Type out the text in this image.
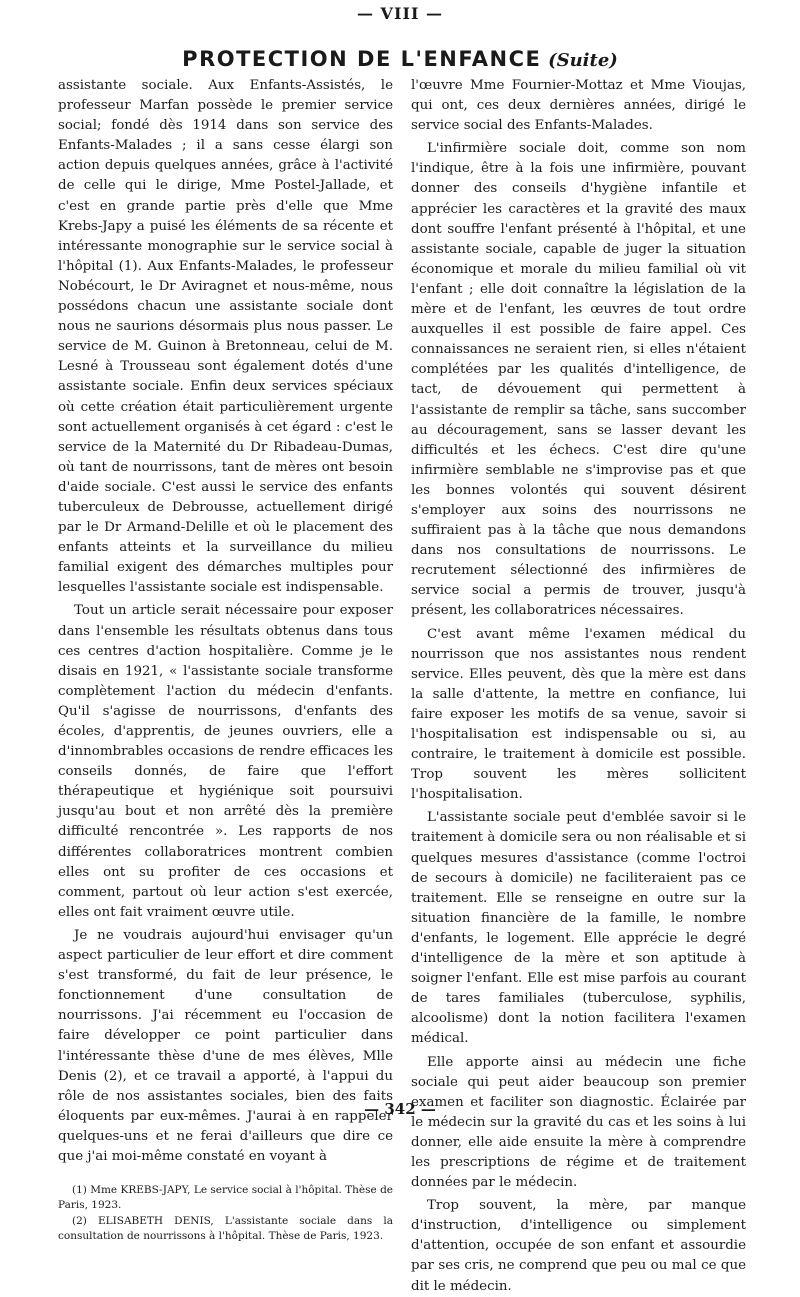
— VIII —
PROTECTION DE L'ENFANCE (Suite)

assistante sociale. Aux Enfants-Assistés, le professeur Marfan possède le premier service social; fondé dès 1914 dans son service des Enfants-Malades ; il a sans cesse élargi son action depuis quelques années, grâce à l'activité de celle qui le dirige, Mme Postel-Jallade, et c'est en grande partie près d'elle que Mme Krebs-Japy a puisé les éléments de sa récente et intéressante monographie sur le service social à l'hôpital (1). Aux Enfants-Malades, le professeur Nobécourt, le Dr Aviragnet et nous-même, nous possédons chacun une assistante sociale dont nous ne saurions désormais plus nous passer. Le service de M. Guinon à Bretonneau, celui de M. Lesné à Trousseau sont également dotés d'une assistante sociale. Enfin deux services spéciaux où cette création était particulièrement urgente sont actuellement organisés à cet égard : c'est le service de la Maternité du Dr Ribadeau-Dumas, où tant de nourrissons, tant de mères ont besoin d'aide sociale. C'est aussi le service des enfants tuberculeux de Debrousse, actuellement dirigé par le Dr Armand-Delille et où le placement des enfants atteints et la surveillance du milieu familial exigent des démarches multiples pour lesquelles l'assistante sociale est indispensable.

Tout un article serait nécessaire pour exposer dans l'ensemble les résultats obtenus dans tous ces centres d'action hospitalière. Comme je le disais en 1921, « l'assistante sociale transforme complètement l'action du médecin d'enfants. Qu'il s'agisse de nourrissons, d'enfants des écoles, d'apprentis, de jeunes ouvriers, elle a d'innombrables occasions de rendre efficaces les conseils donnés, de faire que l'effort thérapeutique et hygiénique soit poursuivi jusqu'au bout et non arrêté dès la première difficulté rencontrée ». Les rapports de nos différentes collaboratrices montrent combien elles ont su profiter de ces occasions et comment, partout où leur action s'est exercée, elles ont fait vraiment œuvre utile.

Je ne voudrais aujourd'hui envisager qu'un aspect particulier de leur effort et dire comment s'est transformé, du fait de leur présence, le fonctionnement d'une consultation de nourrissons. J'ai récemment eu l'occasion de faire développer ce point particulier dans l'intéressante thèse d'une de mes élèves, Mlle Denis (2), et ce travail a apporté, à l'appui du rôle de nos assistantes sociales, bien des faits éloquents par eux-mêmes. J'aurai à en rappeler quelques-uns et ne ferai d'ailleurs que dire ce que j'ai moi-même constaté en voyant à

(1) Mme KREBS-JAPY, Le service social à l'hôpital. Thèse de Paris, 1923.

(2) ELISABETH DENIS, L'assistante sociale dans la consultation de nourrissons à l'hôpital. Thèse de Paris, 1923.

l'œuvre Mme Fournier-Mottaz et Mme Vioujas, qui ont, ces deux dernières années, dirigé le service social des Enfants-Malades.

L'infirmière sociale doit, comme son nom l'indique, être à la fois une infirmière, pouvant donner des conseils d'hygiène infantile et apprécier les caractères et la gravité des maux dont souffre l'enfant présenté à l'hôpital, et une assistante sociale, capable de juger la situation économique et morale du milieu familial où vit l'enfant ; elle doit connaître la législation de la mère et de l'enfant, les œuvres de tout ordre auxquelles il est possible de faire appel. Ces connaissances ne seraient rien, si elles n'étaient complétées par les qualités d'intelligence, de tact, de dévouement qui permettent à l'assistante de remplir sa tâche, sans succomber au découragement, sans se lasser devant les difficultés et les échecs. C'est dire qu'une infirmière semblable ne s'improvise pas et que les bonnes volontés qui souvent désirent s'employer aux soins des nourrissons ne suffiraient pas à la tâche que nous demandons dans nos consultations de nourrissons. Le recrutement sélectionné des infirmières de service social a permis de trouver, jusqu'à présent, les collaboratrices nécessaires.

C'est avant même l'examen médical du nourrisson que nos assistantes nous rendent service. Elles peuvent, dès que la mère est dans la salle d'attente, la mettre en confiance, lui faire exposer les motifs de sa venue, savoir si l'hospitalisation est indispensable ou si, au contraire, le traitement à domicile est possible. Trop souvent les mères sollicitent l'hospitalisation.

L'assistante sociale peut d'emblée savoir si le traitement à domicile sera ou non réalisable et si quelques mesures d'assistance (comme l'octroi de secours à domicile) ne faciliteraient pas ce traitement. Elle se renseigne en outre sur la situation financière de la famille, le nombre d'enfants, le logement. Elle apprécie le degré d'intelligence de la mère et son aptitude à soigner l'enfant. Elle est mise parfois au courant de tares familiales (tuberculose, syphilis, alcoolisme) dont la notion facilitera l'examen médical.

Elle apporte ainsi au médecin une fiche sociale qui peut aider beaucoup son premier examen et faciliter son diagnostic. Éclairée par le médecin sur la gravité du cas et les soins à lui donner, elle aide ensuite la mère à comprendre les prescriptions de régime et de traitement données par le médecin.

Trop souvent, la mère, par manque d'instruction, d'intelligence ou simplement d'attention, occupée de son enfant et assourdie par ses cris, ne comprend que peu ou mal ce que dit le médecin.

— 342 —
